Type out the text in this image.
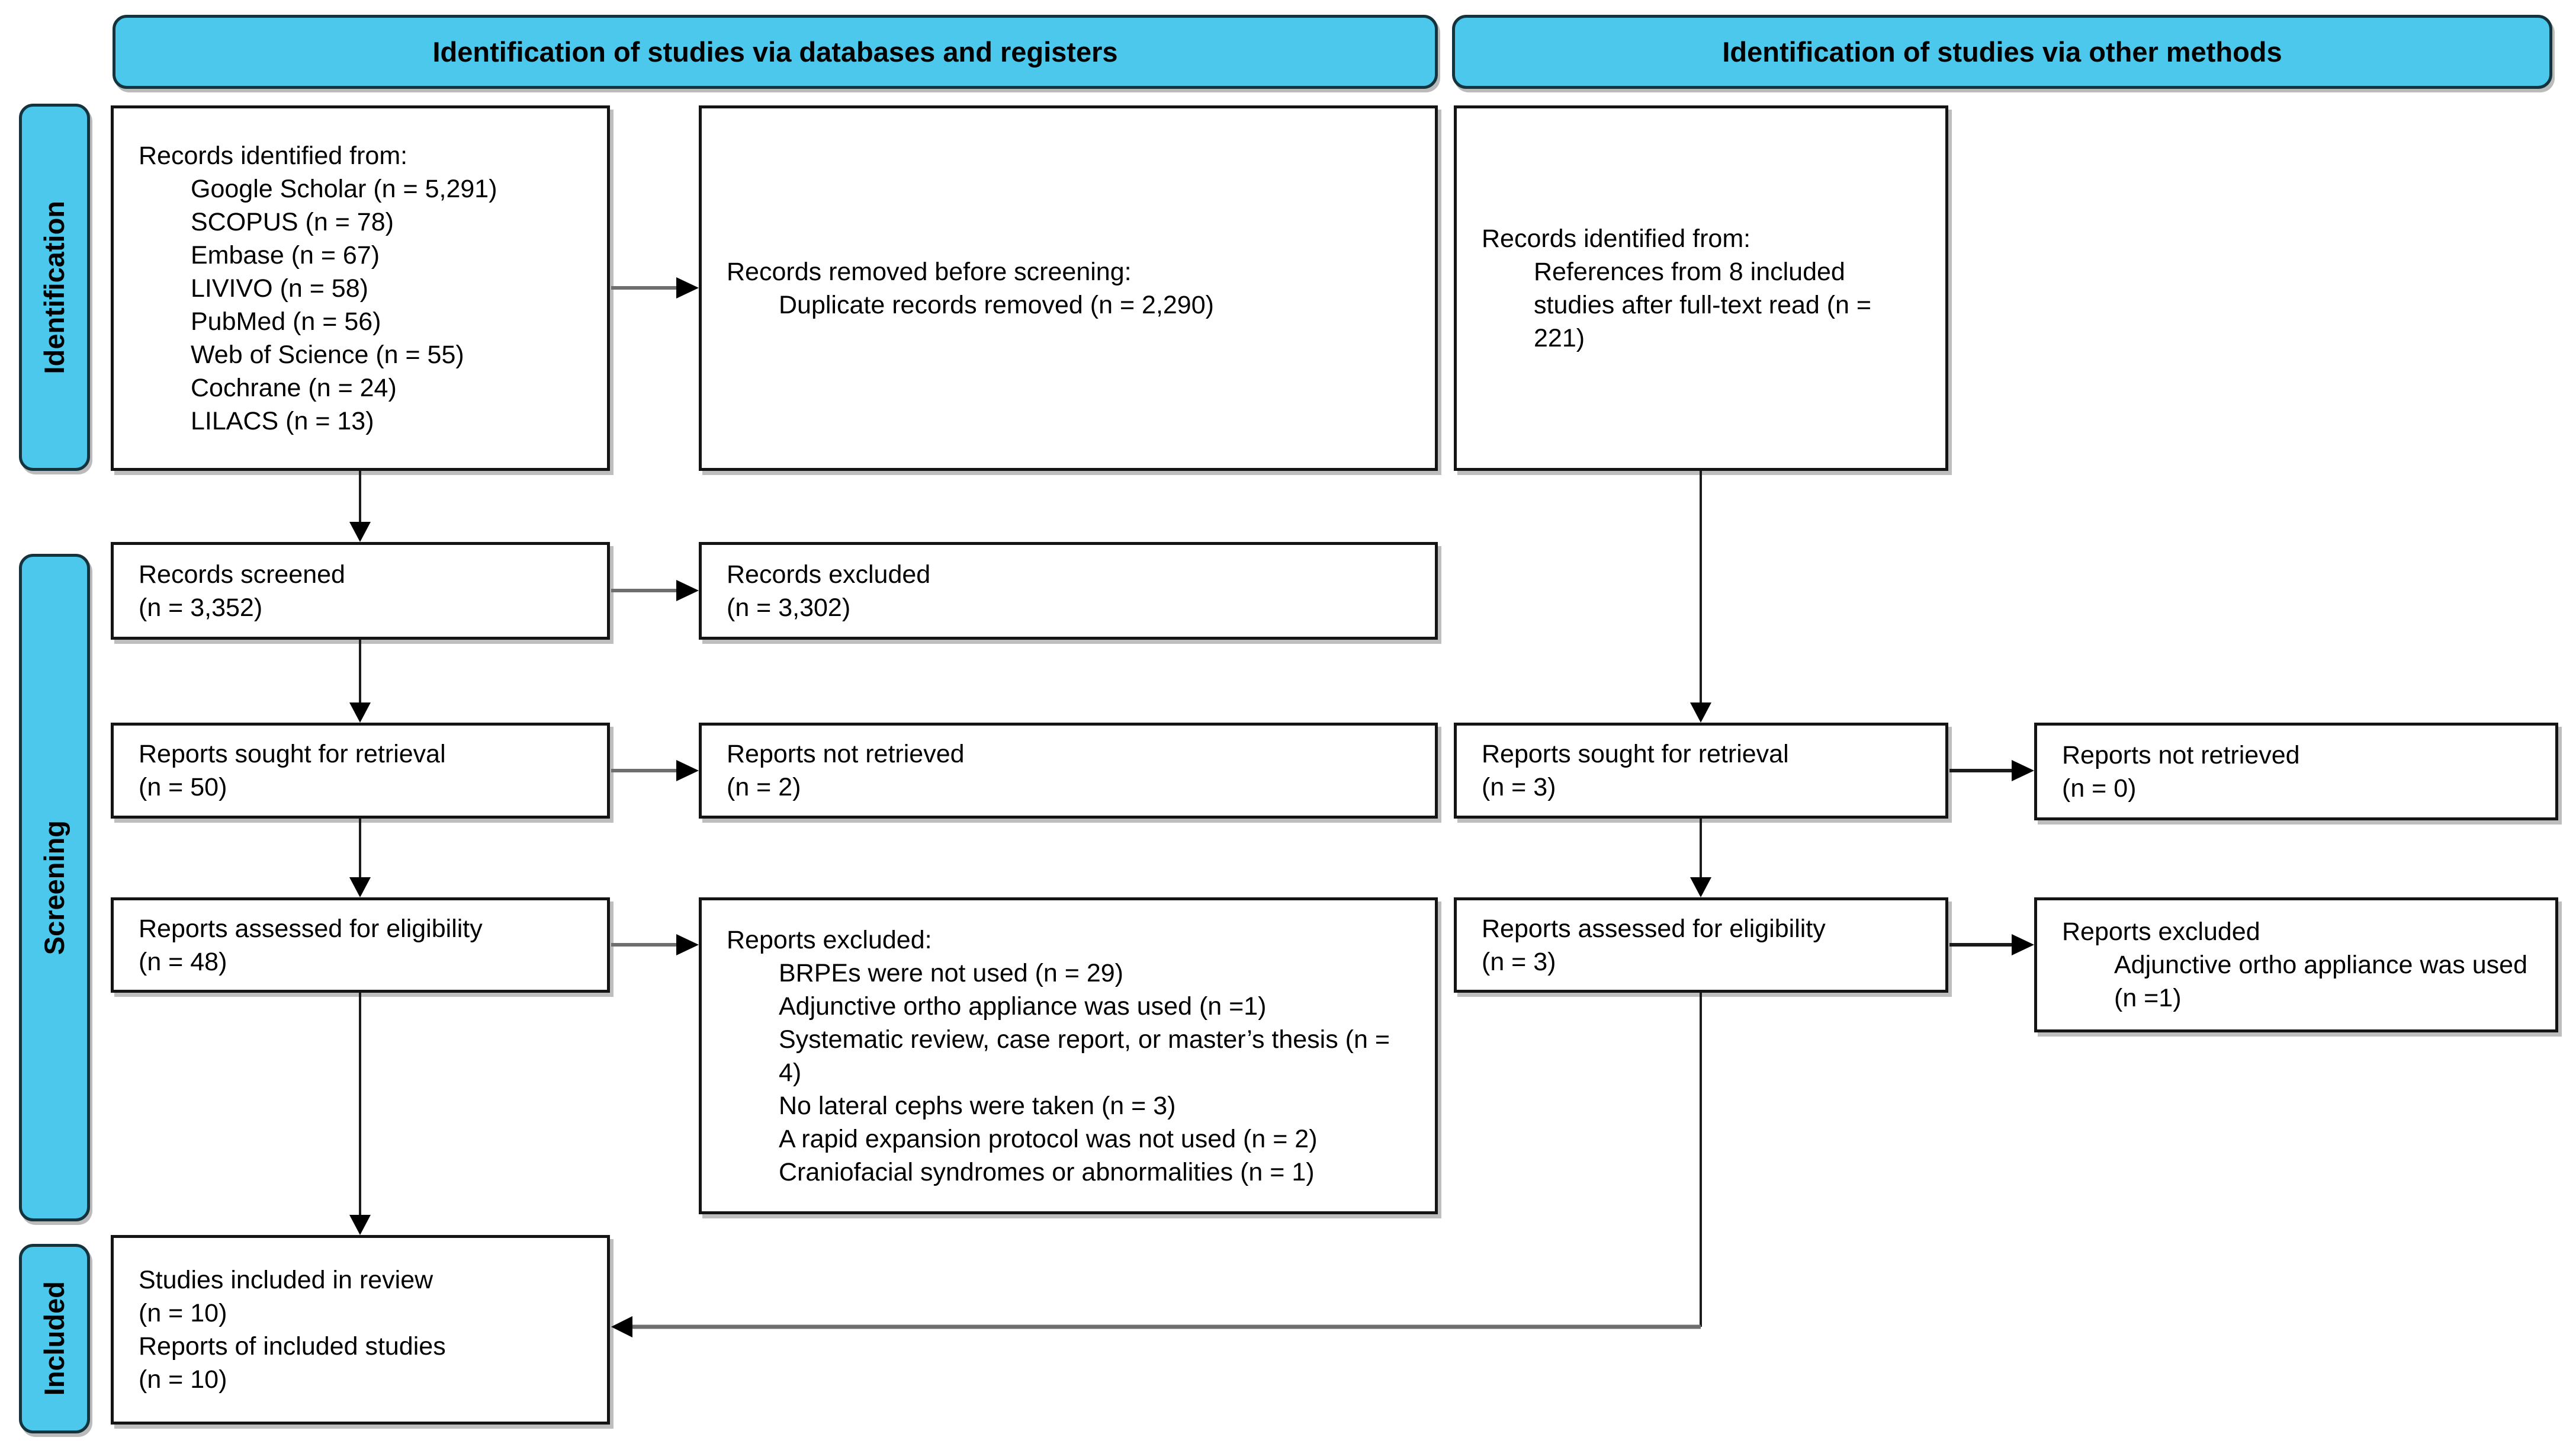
Identification of studies via databases and registers	Identification of studies via other methods
Identification
Screening
Included
Records identified from:
Google Scholar (n = 5,291)
SCOPUS (n = 78)
Embase (n = 67)
LIVIVO (n = 58)
PubMed (n = 56)
Web of Science (n = 55)
Cochrane (n = 24)
LILACS (n = 13)
Records screened
(n = 3,352)
Reports sought for retrieval
(n = 50)
Reports assessed for eligibility
(n = 48)
Studies included in review
(n = 10)
Reports of included studies
(n = 10)
Records removed before screening:
Duplicate records removed (n = 2,290)
Records excluded
(n = 3,302)
Reports not retrieved
(n = 2)
Reports excluded:
BRPEs were not used (n = 29)
Adjunctive ortho appliance was used (n =1)
Systematic review, case report, or master’s thesis (n = 4)
No lateral cephs were taken (n = 3)
A rapid expansion protocol was not used (n = 2)
Craniofacial syndromes or abnormalities (n = 1)
Records identified from:
References from 8 included studies after full-text read (n = 221)
Reports sought for retrieval
(n = 3)
Reports assessed for eligibility
(n = 3)
Reports not retrieved
(n = 0)
Reports excluded
Adjunctive ortho appliance was used (n =1)
